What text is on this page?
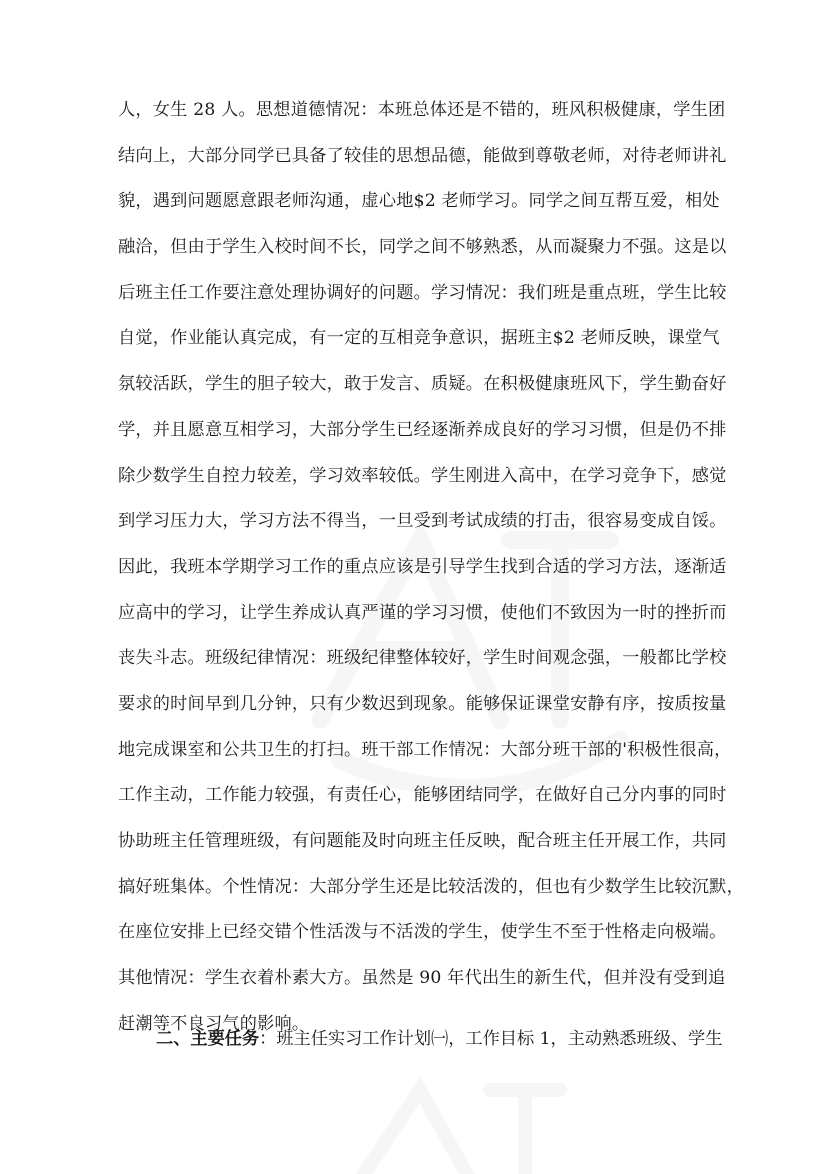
人，女生 28 人。思想道德情况：本班总体还是不错的，班风积极健康，学生团
结向上，大部分同学已具备了较佳的思想品德，能做到尊敬老师，对待老师讲礼
貌，遇到问题愿意跟老师沟通，虚心地$2 老师学习。同学之间互帮互爱，相处
融洽，但由于学生入校时间不长，同学之间不够熟悉，从而凝聚力不强。这是以
后班主任工作要注意处理协调好的问题。学习情况：我们班是重点班，学生比较
自觉，作业能认真完成，有一定的互相竞争意识，据班主$2 老师反映，课堂气
氛较活跃，学生的胆子较大，敢于发言、质疑。在积极健康班风下，学生勤奋好
学，并且愿意互相学习，大部分学生已经逐渐养成良好的学习习惯，但是仍不排
除少数学生自控力较差，学习效率较低。学生刚进入高中，在学习竞争下，感觉
到学习压力大，学习方法不得当，一旦受到考试成绩的打击，很容易变成自馁。
因此，我班本学期学习工作的重点应该是引导学生找到合适的学习方法，逐渐适
应高中的学习，让学生养成认真严谨的学习习惯，使他们不致因为一时的挫折而
丧失斗志。班级纪律情况：班级纪律整体较好，学生时间观念强，一般都比学校
要求的时间早到几分钟，只有少数迟到现象。能够保证课堂安静有序，按质按量
地完成课室和公共卫生的打扫。班干部工作情况：大部分班干部的'积极性很高，
工作主动，工作能力较强，有责任心，能够团结同学，在做好自己分内事的同时
协助班主任管理班级，有问题能及时向班主任反映，配合班主任开展工作，共同
搞好班集体。个性情况：大部分学生还是比较活泼的，但也有少数学生比较沉默，
在座位安排上已经交错个性活泼与不活泼的学生，使学生不至于性格走向极端。
其他情况：学生衣着朴素大方。虽然是 90 年代出生的新生代，但并没有受到追
赶潮等不良习气的影响。
二、主要任务：班主任实习工作计划㈠，工作目标 1，主动熟悉班级、学生
